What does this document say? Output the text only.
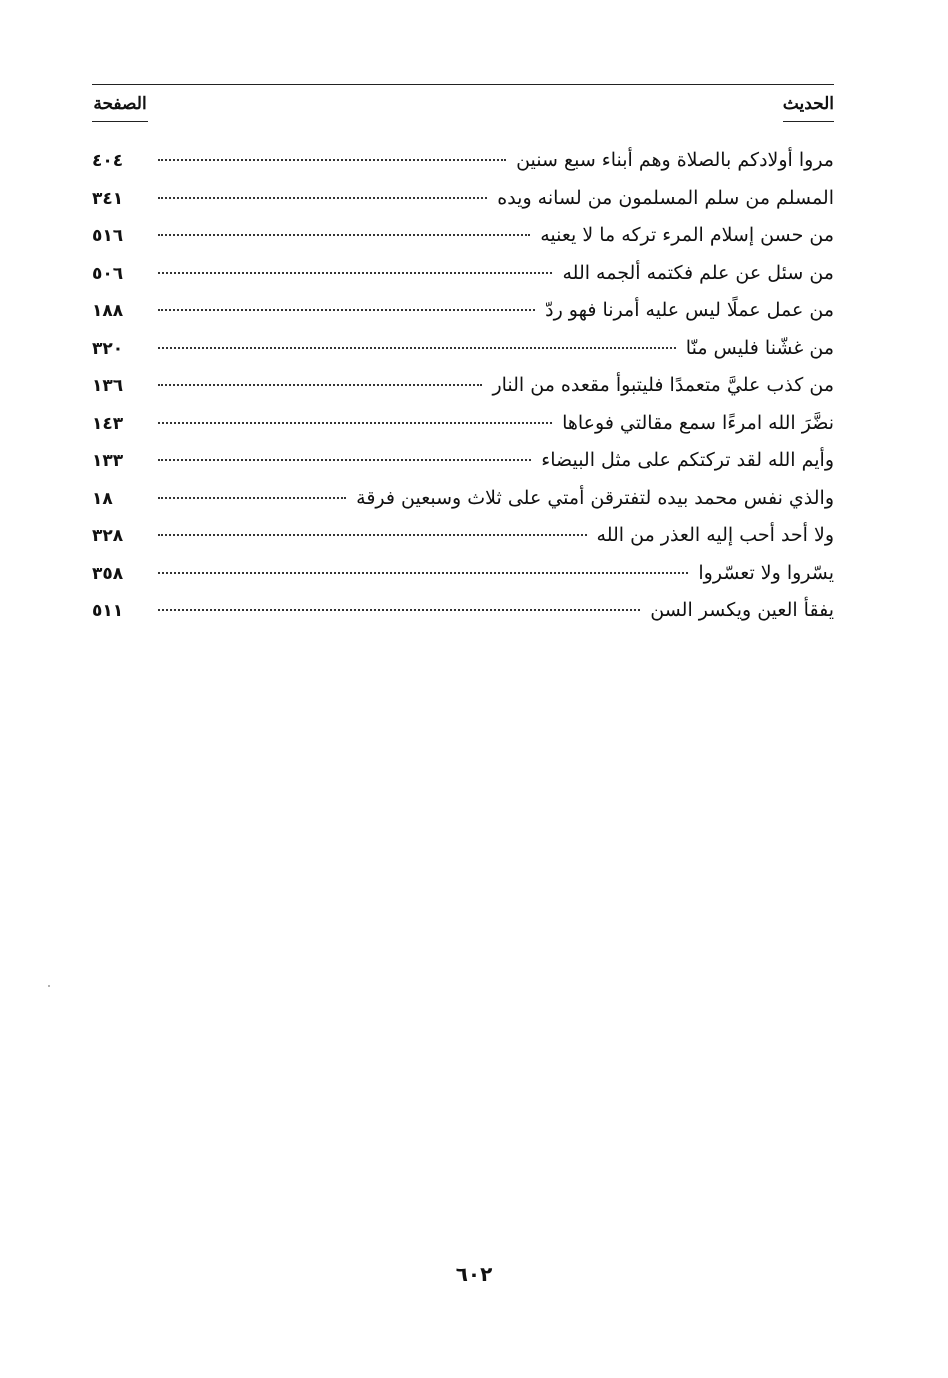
الحديث
الصفحة
مروا أولادكم بالصلاة وهم أبناء سبع سنين
٤٠٤
المسلم من سلم المسلمون من لسانه ويده
٣٤١
من حسن إسلام المرء تركه ما لا يعنيه
٥١٦
من سئل عن علم فكتمه ألجمه الله
٥٠٦
من عمل عملًا ليس عليه أمرنا فهو ردّ
١٨٨
من غشّنا فليس منّا
٣٢٠
من كذب عليَّ متعمدًا فليتبوأ مقعده من النار
١٣٦
نضَّرَ الله امرءًا سمع مقالتي فوعاها
١٤٣
وأيم الله لقد تركتكم على مثل البيضاء
١٣٣
والذي نفس محمد بيده لتفترقن أمتي على ثلاث وسبعين فرقة
١٨
ولا أحد أحب إليه العذر من الله
٣٢٨
يسّروا ولا تعسّروا
٣٥٨
يفقأ العين ويكسر السن
٥١١
٦٠٢
